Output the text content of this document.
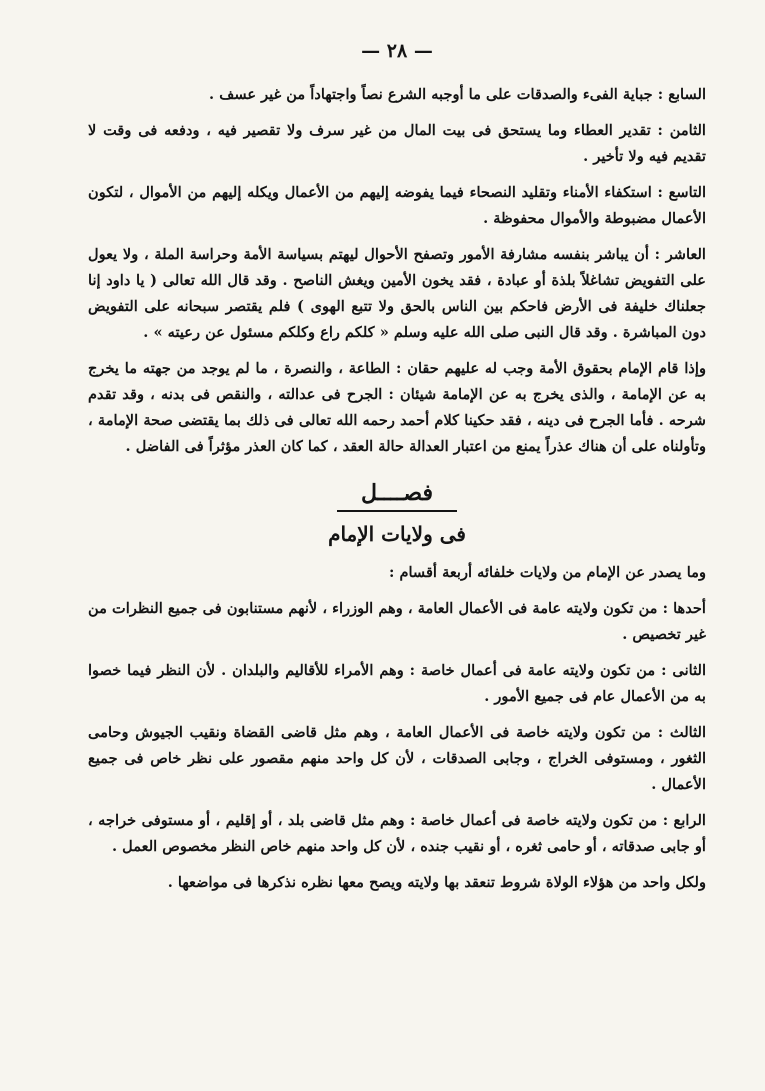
— ٢٨ —

السابع : جباية الفىء والصدقات على ما أوجبه الشرع نصاً واجتهاداً من غير عسف .

الثامن : تقدير العطاء وما يستحق فى بيت المال من غير سرف ولا تقصير فيه ، ودفعه فى وقت لا تقديم فيه ولا تأخير .

التاسع : استكفاء الأمناء وتقليد النصحاء فيما يفوضه إليهم من الأعمال ويكله إليهم من الأموال ، لتكون الأعمال مضبوطة والأموال محفوظة .

العاشر : أن يباشر بنفسه مشارفة الأمور وتصفح الأحوال ليهتم بسياسة الأمة وحراسة الملة ، ولا يعول على التفويض تشاغلاً بلذة أو عبادة ، فقد يخون الأمين ويغش الناصح . وقد قال الله تعالى ( يا داود إنا جعلناك خليفة فى الأرض فاحكم بين الناس بالحق ولا تتبع الهوى ) فلم يقتصر سبحانه على التفويض دون المباشرة . وقد قال النبى صلى الله عليه وسلم « كلكم راع وكلكم مسئول عن رعيته » .

وإذا قام الإمام بحقوق الأمة وجب له عليهم حقان : الطاعة ، والنصرة ، ما لم يوجد من جهته ما يخرج به عن الإمامة ، والذى يخرج به عن الإمامة شيئان : الجرح فى عدالته ، والنقص فى بدنه ، وقد تقدم شرحه . فأما الجرح فى دينه ، فقد حكينا كلام أحمد رحمه الله تعالى فى ذلك بما يقتضى صحة الإمامة ، وتأولناه على أن هناك عذراً يمنع من اعتبار العدالة حالة العقد ، كما كان العذر مؤثراً فى الفاضل .

فصــــل
فى ولايات الإمام

وما يصدر عن الإمام من ولايات خلفائه أربعة أقسام :

أحدها : من تكون ولايته عامة فى الأعمال العامة ، وهم الوزراء ، لأنهم مستنابون فى جميع النظرات من غير تخصيص .

الثانى : من تكون ولايته عامة فى أعمال خاصة : وهم الأمراء للأقاليم والبلدان . لأن النظر فيما خصوا به من الأعمال عام فى جميع الأمور .

الثالث : من تكون ولايته خاصة فى الأعمال العامة ، وهم مثل قاضى القضاة ونقيب الجيوش وحامى الثغور ، ومستوفى الخراج ، وجابى الصدقات ، لأن كل واحد منهم مقصور على نظر خاص فى جميع الأعمال .

الرابع : من تكون ولايته خاصة فى أعمال خاصة : وهم مثل قاضى بلد ، أو إقليم ، أو مستوفى خراجه ، أو جابى صدقاته ، أو حامى ثغره ، أو نقيب جنده ، لأن كل واحد منهم خاص النظر مخصوص العمل .

ولكل واحد من هؤلاء الولاة شروط تنعقد بها ولايته ويصح معها نظره نذكرها فى مواضعها .
